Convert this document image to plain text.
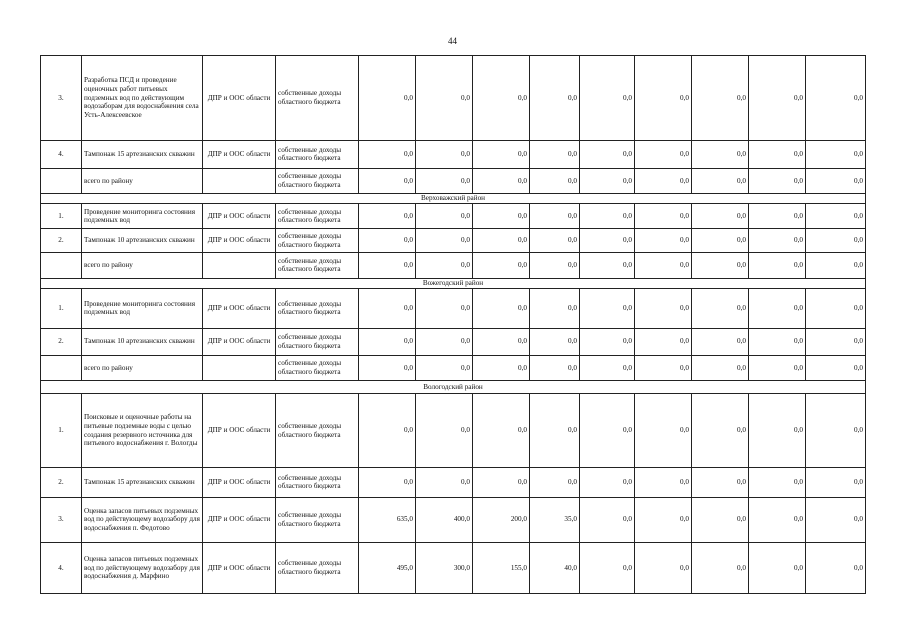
44
3.	Разработка ПСД и проведение оценочных работ питьевых подземных вод по действующим водозаборам для водоснабжения села Усть-Алексеевское	ДПР и ООС области	собственные доходы областного бюджета	0,0	0,0	0,0	0,0	0,0	0,0	0,0	0,0	0,0
4.	Тампонаж 15 артезианских скважин	ДПР и ООС области	собственные доходы областного бюджета	0,0	0,0	0,0	0,0	0,0	0,0	0,0	0,0	0,0
	всего по району		собственные доходы областного бюджета	0,0	0,0	0,0	0,0	0,0	0,0	0,0	0,0	0,0
Верховажский район												
1.	Проведение мониторинга состояния подземных вод	ДПР и ООС области	собственные доходы областного бюджета	0,0	0,0	0,0	0,0	0,0	0,0	0,0	0,0	0,0
2.	Тампонаж 10 артезианских скважин	ДПР и ООС области	собственные доходы областного бюджета	0,0	0,0	0,0	0,0	0,0	0,0	0,0	0,0	0,0
	всего по району		собственные доходы областного бюджета	0,0	0,0	0,0	0,0	0,0	0,0	0,0	0,0	0,0
Вожегодский район												
1.	Проведение мониторинга состояния подземных вод	ДПР и ООС области	собственные доходы областного бюджета	0,0	0,0	0,0	0,0	0,0	0,0	0,0	0,0	0,0
2.	Тампонаж 10 артезианских скважин	ДПР и ООС области	собственные доходы областного бюджета	0,0	0,0	0,0	0,0	0,0	0,0	0,0	0,0	0,0
	всего по району		собственные доходы областного бюджета	0,0	0,0	0,0	0,0	0,0	0,0	0,0	0,0	0,0
Вологодский район												
1.	Поисковые и оценочные работы на питьевые подземные воды с целью создания резервного источника для питьевого водоснабжения г. Вологды	ДПР и ООС области	собственные доходы областного бюджета	0,0	0,0	0,0	0,0	0,0	0,0	0,0	0,0	0,0
2.	Тампонаж 15 артезианских скважин	ДПР и ООС области	собственные доходы областного бюджета	0,0	0,0	0,0	0,0	0,0	0,0	0,0	0,0	0,0
3.	Оценка запасов питьевых подземных вод по действующему водозабору для водоснабжения п. Федотово	ДПР и ООС области	собственные доходы областного бюджета	635,0	400,0	200,0	35,0	0,0	0,0	0,0	0,0	0,0
4.	Оценка запасов питьевых подземных вод по действующему водозабору для водоснабжения д. Марфино	ДПР и ООС области	собственные доходы областного бюджета	495,0	300,0	155,0	40,0	0,0	0,0	0,0	0,0	0,0
